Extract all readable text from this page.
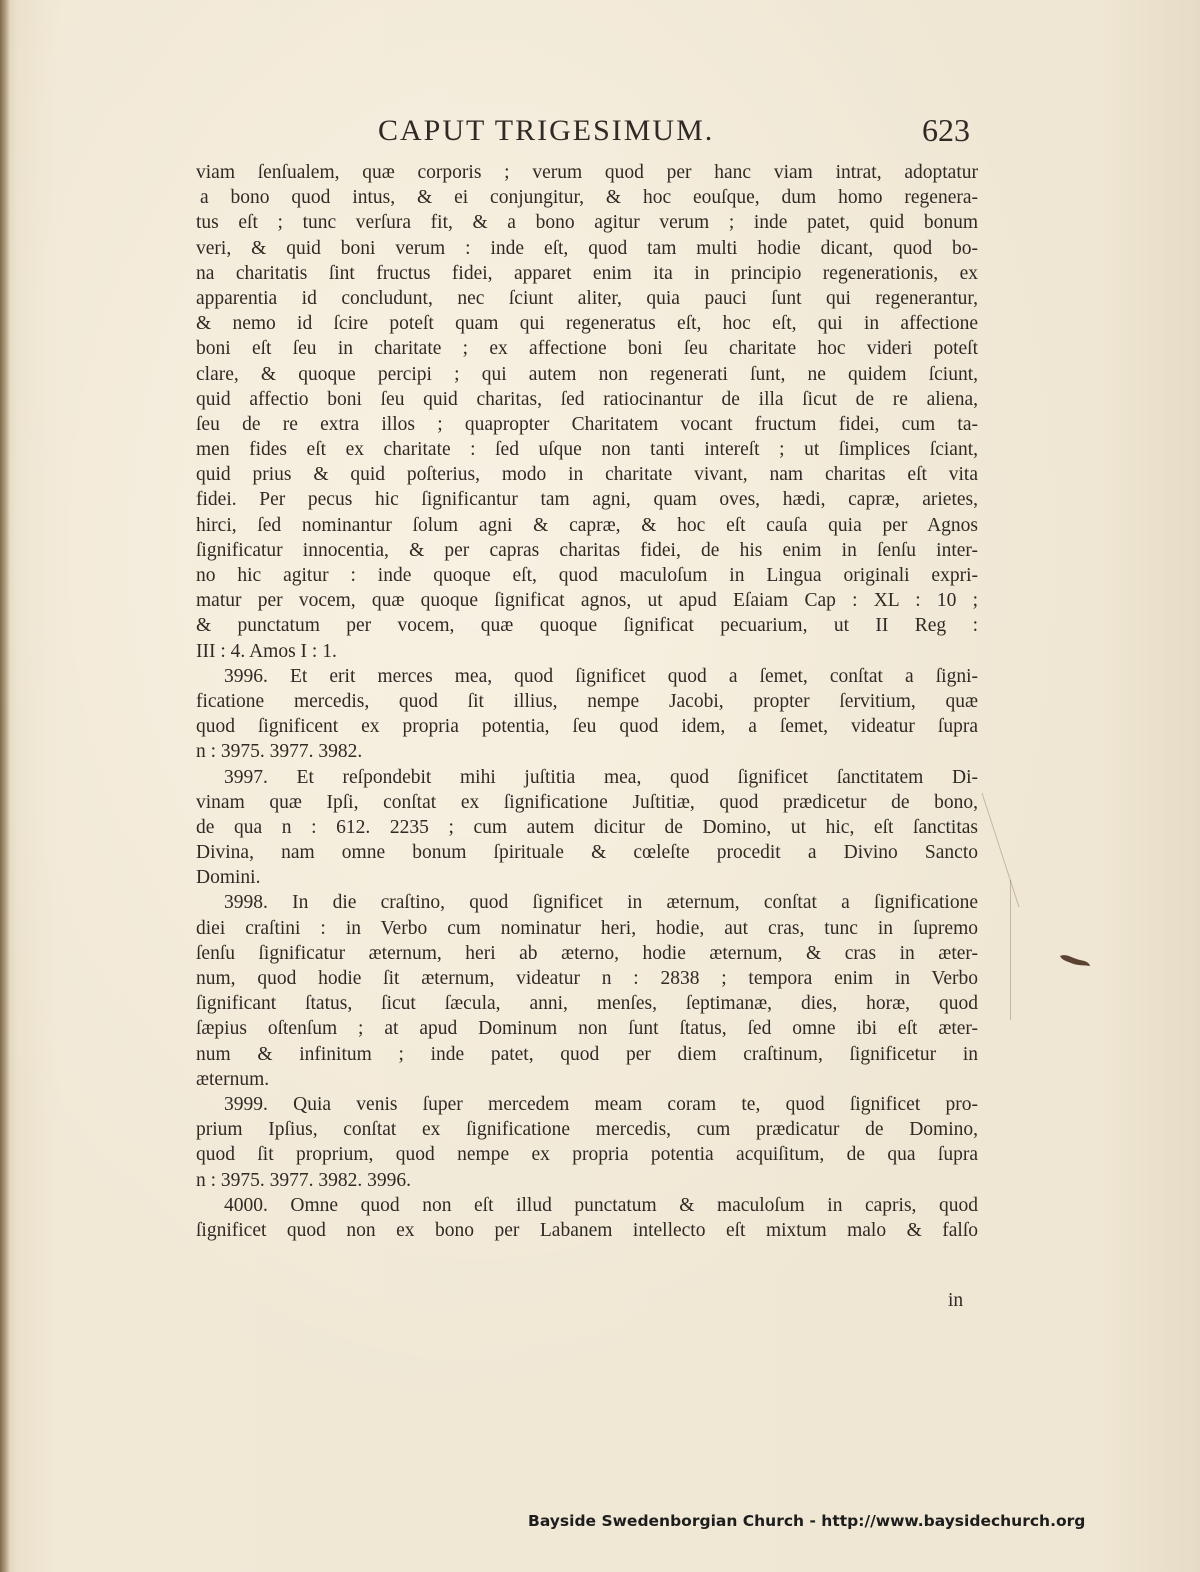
CAPUT TRIGESIMUM.	623
viam ſenſualem, quæ corporis ; verum quod per hanc viam intrat, adoptatur
a bono quod intus, & ei conjungitur, & hoc eouſque, dum homo regenera-
tus eſt ; tunc verſura fit, & a bono agitur verum ; inde patet, quid bonum
veri, & quid boni verum : inde eſt, quod tam multi hodie dicant, quod bo-
na charitatis ſint fructus fidei, apparet enim ita in principio regenerationis, ex
apparentia id concludunt, nec ſciunt aliter, quia pauci ſunt qui regenerantur,
& nemo id ſcire poteſt quam qui regeneratus eſt, hoc eſt, qui in affectione
boni eſt ſeu in charitate ; ex affectione boni ſeu charitate hoc videri poteſt
clare, & quoque percipi ; qui autem non regenerati ſunt, ne quidem ſciunt,
quid affectio boni ſeu quid charitas, ſed ratiocinantur de illa ſicut de re aliena,
ſeu de re extra illos ; quapropter Charitatem vocant fructum fidei, cum ta-
men fides eſt ex charitate : ſed uſque non tanti intereſt ; ut ſimplices ſciant,
quid prius & quid poſterius, modo in charitate vivant, nam charitas eſt vita
fidei. Per pecus hic ſignificantur tam agni, quam oves, hædi, capræ, arietes,
hirci, ſed nominantur ſolum agni & capræ, & hoc eſt cauſa quia per Agnos
ſignificatur innocentia, & per capras charitas fidei, de his enim in ſenſu inter-
no hic agitur : inde quoque eſt, quod maculoſum in Lingua originali expri-
matur per vocem, quæ quoque ſignificat agnos, ut apud Eſaiam Cap : XL : 10 ;
& punctatum per vocem, quæ quoque ſignificat pecuarium, ut II Reg :
III : 4. Amos I : 1.
3996. Et erit merces mea, quod ſignificet quod a ſemet, conſtat a ſigni-
ficatione mercedis, quod ſit illius, nempe Jacobi, propter ſervitium, quæ
quod ſignificent ex propria potentia, ſeu quod idem, a ſemet, videatur ſupra
n : 3975. 3977. 3982.
3997. Et reſpondebit mihi juſtitia mea, quod ſignificet ſanctitatem Di-
vinam quæ Ipſi, conſtat ex ſignificatione Juſtitiæ, quod prædicetur de bono,
de qua n : 612. 2235 ; cum autem dicitur de Domino, ut hic, eſt ſanctitas
Divina, nam omne bonum ſpirituale & cœleſte procedit a Divino Sancto
Domini.
3998. In die craſtino, quod ſignificet in æternum, conſtat a ſignificatione
diei craſtini : in Verbo cum nominatur heri, hodie, aut cras, tunc in ſupremo
ſenſu ſignificatur æternum, heri ab æterno, hodie æternum, & cras in æter-
num, quod hodie ſit æternum, videatur n : 2838 ; tempora enim in Verbo
ſignificant ſtatus, ſicut ſæcula, anni, menſes, ſeptimanæ, dies, horæ, quod
ſæpius oſtenſum ; at apud Dominum non ſunt ſtatus, ſed omne ibi eſt æter-
num & infinitum ; inde patet, quod per diem craſtinum, ſignificetur in
æternum.
3999. Quia venis ſuper mercedem meam coram te, quod ſignificet pro-
prium Ipſius, conſtat ex ſignificatione mercedis, cum prædicatur de Domino,
quod ſit proprium, quod nempe ex propria potentia acquiſitum, de qua ſupra
n : 3975. 3977. 3982. 3996.
4000. Omne quod non eſt illud punctatum & maculoſum in capris, quod
ſignificet quod non ex bono per Labanem intellecto eſt mixtum malo & falſo
in
Bayside Swedenborgian Church - http://www.baysidechurch.org
